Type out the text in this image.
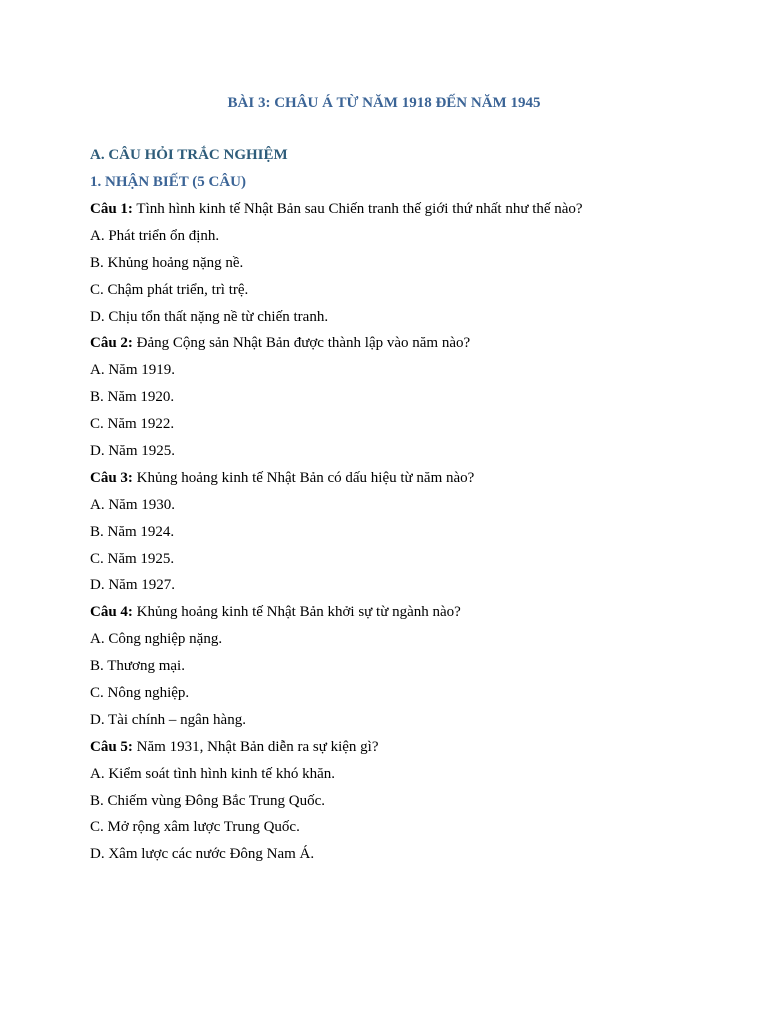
BÀI 3: CHÂU Á TỪ NĂM 1918 ĐẾN NĂM 1945
A. CÂU HỎI TRẮC NGHIỆM
1. NHẬN BIẾT (5 CÂU)
Câu 1: Tình hình kinh tế Nhật Bản sau Chiến tranh thế giới thứ nhất như thế nào?
A. Phát triển ổn định.
B. Khủng hoảng nặng nề.
C. Chậm phát triển, trì trệ.
D. Chịu tổn thất nặng nề từ chiến tranh.
Câu 2: Đảng Cộng sản Nhật Bản được thành lập vào năm nào?
A. Năm 1919.
B. Năm 1920.
C. Năm 1922.
D. Năm 1925.
Câu 3: Khủng hoảng kinh tế Nhật Bản có dấu hiệu từ năm nào?
A. Năm 1930.
B. Năm 1924.
C. Năm 1925.
D. Năm 1927.
Câu 4: Khủng hoảng kinh tế Nhật Bản khởi sự từ ngành nào?
A. Công nghiệp nặng.
B. Thương mại.
C. Nông nghiệp.
D. Tài chính – ngân hàng.
Câu 5: Năm 1931, Nhật Bản diễn ra sự kiện gì?
A. Kiểm soát tình hình kinh tế khó khăn.
B. Chiếm vùng Đông Bắc Trung Quốc.
C. Mở rộng xâm lược Trung Quốc.
D. Xâm lược các nước Đông Nam Á.
